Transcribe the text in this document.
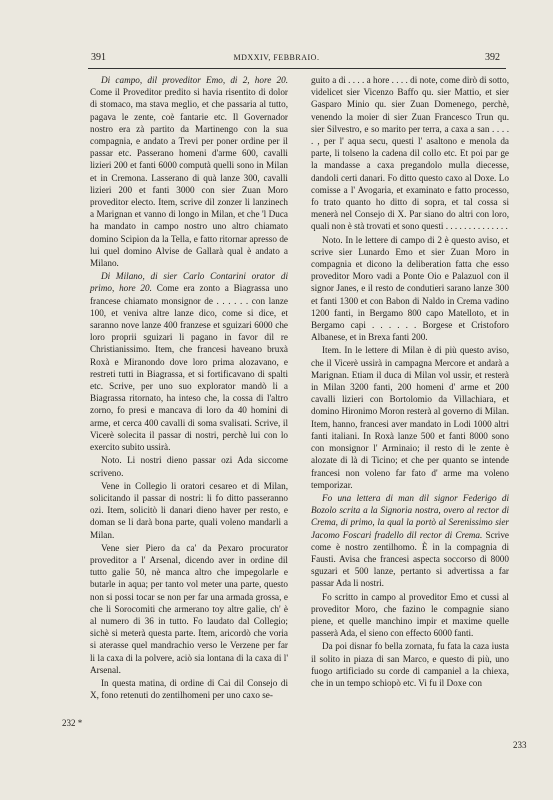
391	MDXXIV, FEBBRAIO.	392

Di campo, dil proveditor Emo, di 2, hore 20. Come il Proveditor predito si havia risentito di dolor di stomaco, ma stava meglio, et che passaria al tutto, pagava le zente, coè fantarie etc. Il Governador nostro era zà partito da Martinengo con la sua compagnia, e andato a Trevi per poner ordine per il passar etc. Passerano homeni d'arme 600, cavalli lizieri 200 et fanti 6000 computà quelli sono in Milan et in Cremona. Lasserano di quà lanze 300, cavalli lizieri 200 et fanti 3000 con sier Zuan Moro proveditor electo. Item, scrive dil zonzer li lanzinech a Marignan et vanno di longo in Milan, et che 'l Duca ha mandato in campo nostro uno altro chiamato domino Scipion da la Tella, e fatto ritornar apresso de lui quel domino Alvise de Gallarà qual è andato a Milano.

Di Milano, di sier Carlo Contarini orator di primo, hore 20. Come era zonto a Biagrassa uno francese chiamato monsignor de . . . . . . con lanze 100, et veniva altre lanze dico, come si dice, et saranno nove lanze 400 franzese et sguizari 6000 che loro proprii sguizari li pagano in favor dil re Christianissimo. Item, che francesi haveano bruxà Roxà e Miranondo dove loro prima alozavano, e restreti tutti in Biagrassa, et si fortificavano di spalti etc. Scrive, per uno suo explorator mandò li a Biagrassa ritornato, ha inteso che, la cossa di l'altro zorno, fo presi e mancava di loro da 40 homini di arme, et cerca 400 cavalli di soma svalisati. Scrive, il Vicerè solecita il passar di nostri, perchè lui con lo exercito subito ussirà.

Noto. Li nostri dieno passar ozi Ada siccome scriveno.

Vene in Collegio li oratori cesareo et di Milan, solicitando il passar di nostri: li fo ditto passeranno ozi. Item, solicitò li danari dieno haver per resto, e doman se li darà bona parte, quali voleno mandarli a Milan.

Vene sier Piero da ca' da Pexaro procurator proveditor a l' Arsenal, dicendo aver in ordine dil tutto galie 50, nè manca altro che impegolarle e butarle in aqua; per tanto vol meter una parte, questo non si possi tocar se non per far una armada grossa, e che li Sorocomiti che armerano toy altre galie, ch' è al numero di 36 in tutto. Fo laudato dal Collegio; sichè si meterà questa parte. Item, aricordò che voria si aterasse quel mandrachio verso le Verzene per far li la caxa di la polvere, aciò sia lontana di la caxa di l' Arsenal.

In questa matina, di ordine di Cai dil Consejo di X, fono retenuti do zentilhomeni per uno caxo se-

guito a di . . . . a hore . . . . di note, come dirò di sotto, videlicet sier Vicenzo Baffo qu. sier Mattio, et sier Gasparo Minio qu. sier Zuan Domenego, perchè, venendo la moier di sier Zuan Francesco Trun qu. sier Silvestro, e so marito per terra, a caxa a san . . . . . , per l' aqua secu, questi l' asaltono e menola da parte, li tolseno la cadena dil collo etc. Et poi par ge la mandasse a caxa pregandolo mulla diecesse, dandoli certi danari. Fo ditto questo caxo al Doxe. Lo comisse a l' Avogaria, et examinato e fatto processo, fo trato quanto ho ditto di sopra, et tal cossa si menerà nel Consejo di X. Par siano do altri con loro, quali non è stà trovati et sono questi . . . . . . . . . . . . . .

Noto. In le lettere di campo di 2 è questo aviso, et scrive sier Lunardo Emo et sier Zuan Moro in compagnia et dicono la deliberation fatta che esso proveditor Moro vadi a Ponte Oio e Palazuol con il signor Janes, e il resto de condutieri sarano lanze 300 et fanti 1300 et con Babon di Naldo in Crema vadino 1200 fanti, in Bergamo 800 capo Matelloto, et in Bergamo capi . . . . . . Borgese et Cristoforo Albanese, et in Brexa fanti 200.

Item. In le lettere di Milan è di più questo aviso, che il Vicerè ussirà in campagna Mercore et andarà a Marignan. Etiam il duca di Milan vol ussir, et resterà in Milan 3200 fanti, 200 homeni d' arme et 200 cavalli lizieri con Bortolomio da Villachiara, et domino Hironimo Moron resterà al governo di Milan. Item, hanno, francesi aver mandato in Lodi 1000 altri fanti italiani. In Roxà lanze 500 et fanti 8000 sono con monsignor l' Arminaio; il resto di le zente è alozate di là di Ticino; et che per quanto se intende francesi non voleno far fato d' arme ma voleno temporizar.

Fo una lettera di man dil signor Federigo di Bozolo scrita a la Signoria nostra, overo al rector di Crema, di primo, la qual la portò al Serenissimo sier Jacomo Foscari fradello dil rector di Crema. Scrive come è nostro zentilhomo. È in la compagnia di Fausti. Avisa che francesi aspecta soccorso di 8000 sguzari et 500 lanze, pertanto si advertissa a far passar Ada li nostri.

Fo scritto in campo al proveditor Emo et cussi al proveditor Moro, che fazino le compagnie siano piene, et quelle manchino impir et maxime quelle passerà Ada, el sieno con effecto 6000 fanti.

Da poi disnar fo bella zornata, fu fata la caza iusta il solito in piaza di san Marco, e questo di più, uno fuogo artificiado su corde di campaniel a la chiexa, che in un tempo schiopò etc. Vi fu il Doxe con

232 *
233
